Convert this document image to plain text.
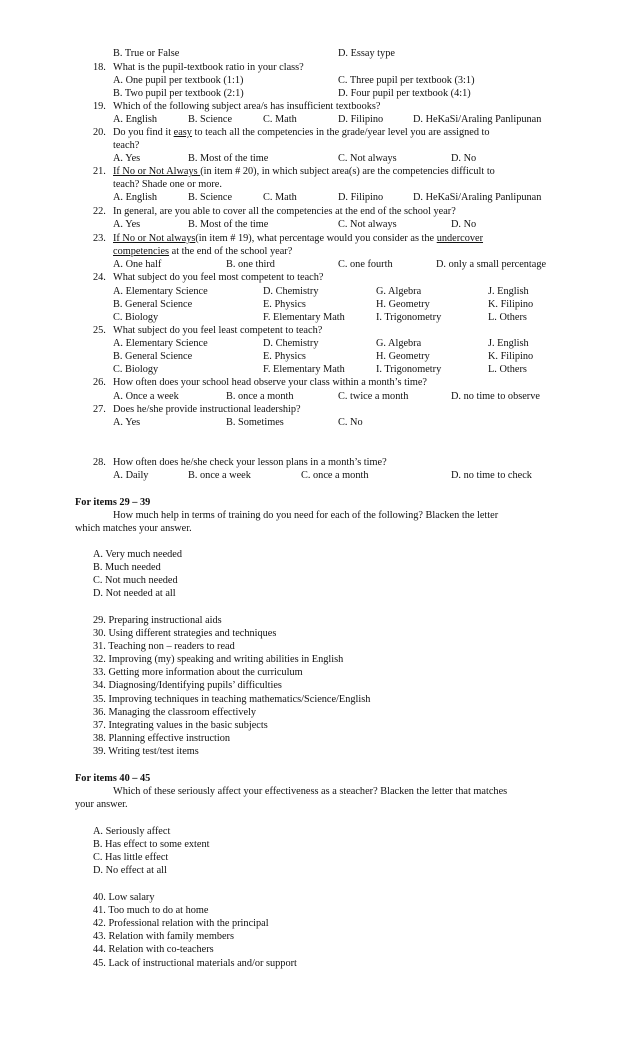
B. True or False	D. Essay type
18. What is the pupil-textbook ratio in your class?
A. One pupil per textbook (1:1)	C. Three pupil per textbook (3:1)
B. Two pupil per textbook (2:1)	D. Four pupil per textbook (4:1)
19. Which of the following subject area/s has insufficient textbooks?
A. English	B. Science	C. Math	D. Filipino	D. HeKaSi/Araling Panlipunan
20. Do you find it easy to teach all the competencies in the grade/year level you are assigned to
teach?
A. Yes	B. Most of the time	C. Not always	D. No
21. If No or Not Always (in item # 20), in which subject area(s) are the competencies difficult to
teach? Shade one or more.
A. English	B. Science	C. Math	D. Filipino	D. HeKaSi/Araling Panlipunan
22. In general, are you able to cover all the competencies at the end of the school year?
A. Yes	B. Most of the time	C. Not always	D. No
23. If No or Not always(in item # 19), what percentage would you consider as the undercover
competencies at the end of the school year?
A. One half	B. one third	C. one fourth	D. only a small percentage
24. What subject do you feel most competent to teach?
A. Elementary Science	D. Chemistry	G. Algebra	J. English
B. General Science	E. Physics	H. Geometry	K. Filipino
C. Biology	F. Elementary Math	I. Trigonometry	L. Others
25. What subject do you feel least competent to teach?
A. Elementary Science	D. Chemistry	G. Algebra	J. English
B. General Science	E. Physics	H. Geometry	K. Filipino
C. Biology	F. Elementary Math	I. Trigonometry	L. Others
26. How often does your school head observe your class within a month’s time?
A. Once a week	B. once a month	C. twice a month	D. no time to observe
27. Does he/she provide instructional leadership?
A. Yes	B. Sometimes	C. No
28. How often does he/she check your lesson plans in a month’s time?
A. Daily	B. once a week	C. once a month	D. no time to check
For items 29 – 39
How much help in terms of training do you need for each of the following? Blacken the letter
which matches your answer.
A. Very much needed
B. Much needed
C. Not much needed
D. Not needed at all
29. Preparing instructional aids
30. Using different strategies and techniques
31. Teaching non – readers to read
32. Improving (my) speaking and writing abilities in English
33. Getting more information about the curriculum
34. Diagnosing/Identifying pupils’ difficulties
35. Improving techniques in teaching mathematics/Science/English
36. Managing the classroom effectively
37. Integrating values in the basic subjects
38. Planning effective instruction
39. Writing test/test items
For items 40 – 45
Which of these seriously affect your effectiveness as a steacher? Blacken the letter that matches
your answer.
A. Seriously affect
B. Has effect to some extent
C. Has little effect
D. No effect at all
40. Low salary
41. Too much to do at home
42. Professional relation with the principal
43. Relation with family members
44. Relation with co-teachers
45. Lack of instructional materials and/or support
